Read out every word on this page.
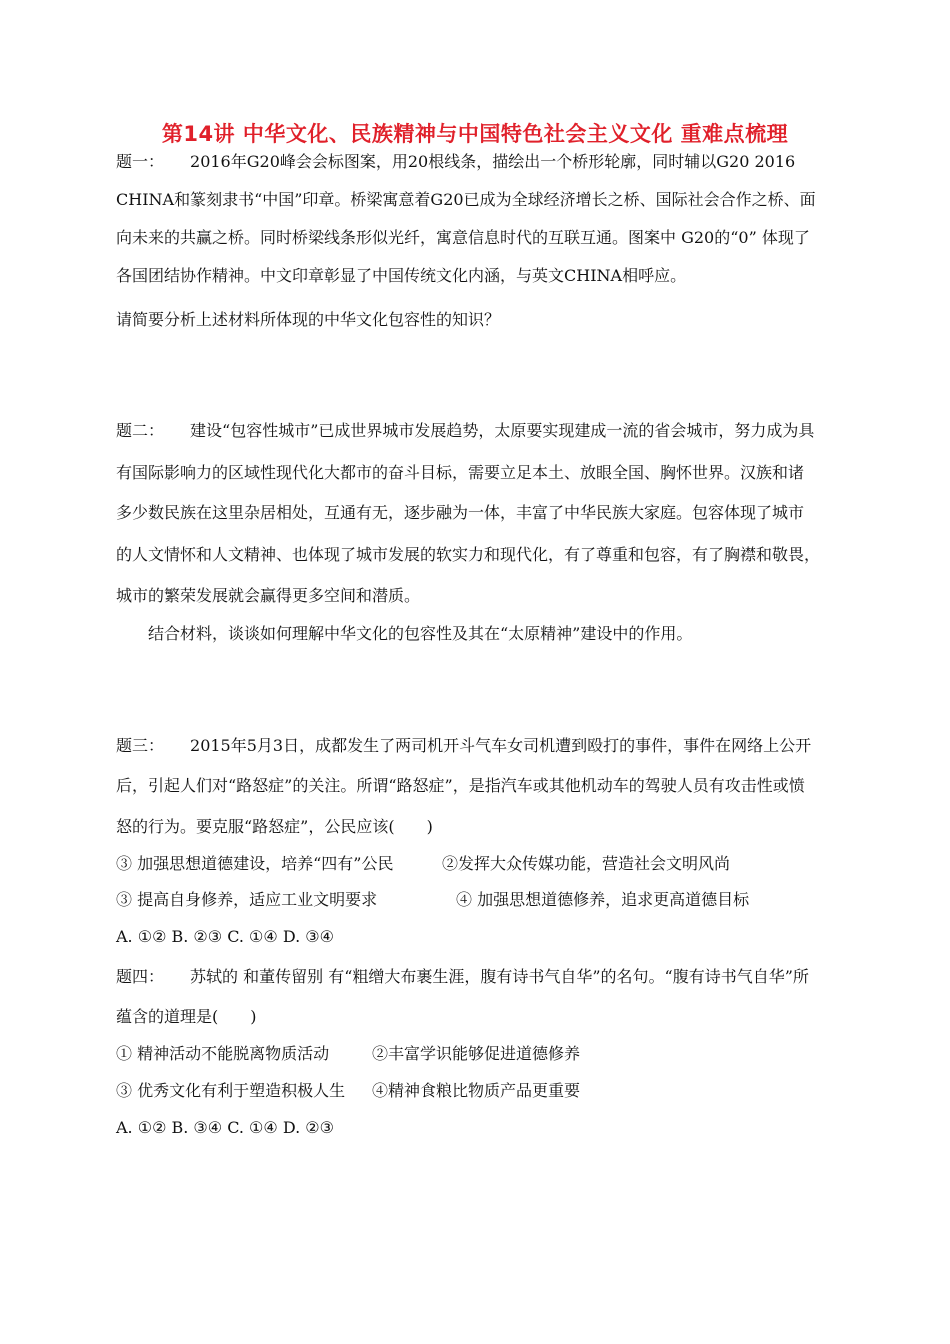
第14讲 中华文化、民族精神与中国特色社会主义文化 重难点梳理
题一： 2016年G20峰会会标图案，用20根线条，描绘出一个桥形轮廓，同时辅以G20 2016
CHINA和篆刻隶书“中国”印章。桥梁寓意着G20已成为全球经济增长之桥、国际社会合作之桥、面
向未来的共赢之桥。同时桥梁线条形似光纤，寓意信息时代的互联互通。图案中 G20的“0” 体现了
各国团结协作精神。中文印章彰显了中国传统文化内涵，与英文CHINA相呼应。
请简要分析上述材料所体现的中华文化包容性的知识？
题二： 建设“包容性城市”已成世界城市发展趋势，太原要实现建成一流的省会城市，努力成为具
有国际影响力的区域性现代化大都市的奋斗目标，需要立足本土、放眼全国、胸怀世界。汉族和诸
多少数民族在这里杂居相处，互通有无，逐步融为一体，丰富了中华民族大家庭。包容体现了城市
的人文情怀和人文精神、也体现了城市发展的软实力和现代化，有了尊重和包容，有了胸襟和敬畏，
城市的繁荣发展就会赢得更多空间和潜质。
结合材料，谈谈如何理解中华文化的包容性及其在“太原精神”建设中的作用。
题三： 2015年5月3日，成都发生了两司机开斗气车女司机遭到殴打的事件，事件在网络上公开
后，引起人们对“路怒症”的关注。所谓“路怒症”，是指汽车或其他机动车的驾驶人员有攻击性或愤
怒的行为。要克服“路怒症”，公民应该(　　)
③ 加强思想道德建设，培养“四有”公民	②发挥大众传媒功能，营造社会文明风尚
③ 提高自身修养，适应工业文明要求	④ 加强思想道德修养，追求更高道德目标
A. ①② B. ②③ C. ①④ D. ③④
题四： 苏轼的 和董传留别 有“粗缯大布裹生涯，腹有诗书气自华”的名句。“腹有诗书气自华”所
蕴含的道理是(　　)
① 精神活动不能脱离物质活动	②丰富学识能够促进道德修养
③ 优秀文化有利于塑造积极人生 ④精神食粮比物质产品更重要
A. ①② B. ③④ C. ①④ D. ②③
